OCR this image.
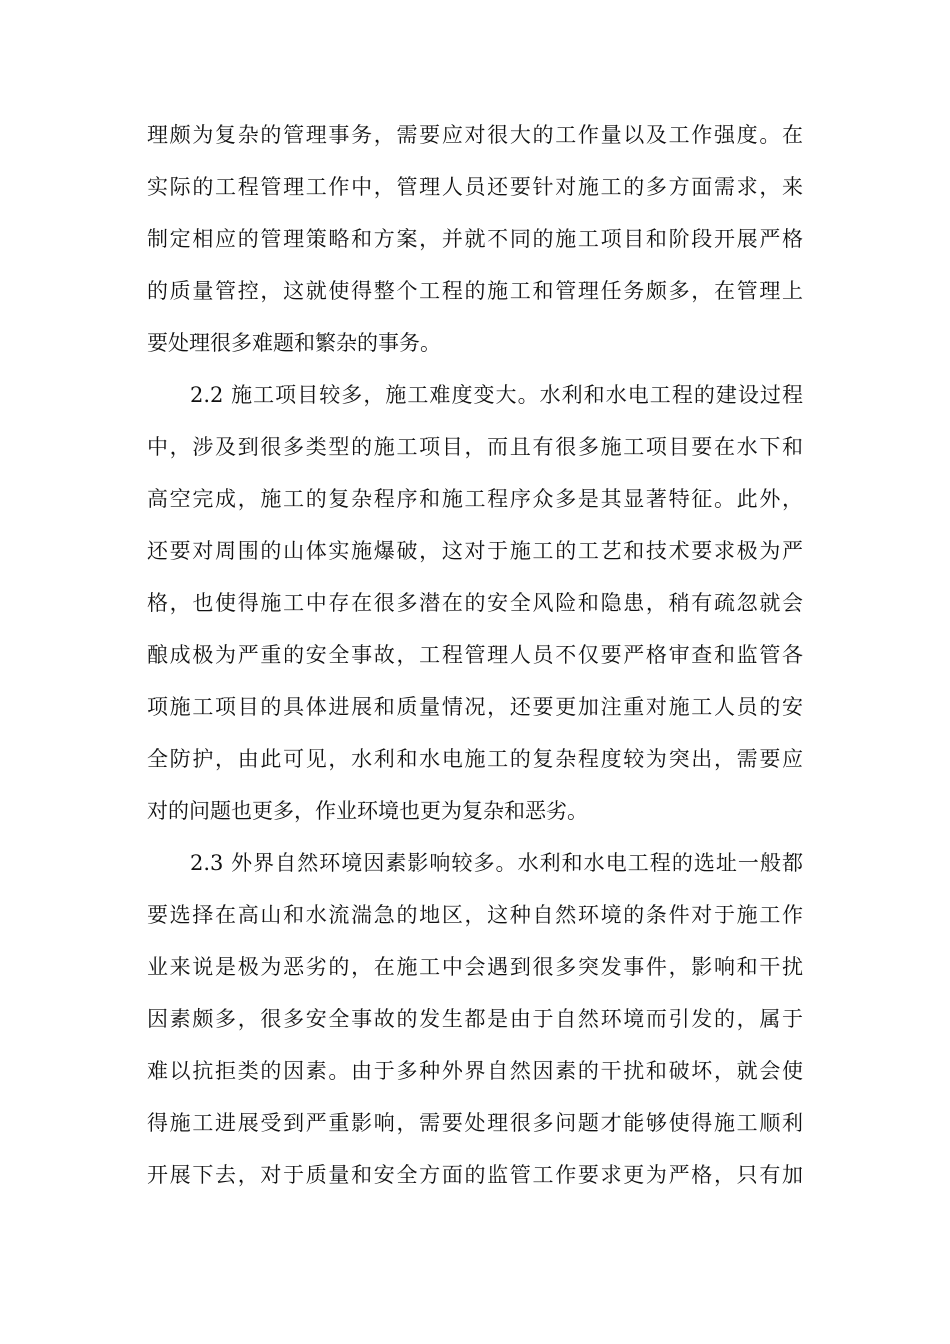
理颇为复杂的管理事务，需要应对很大的工作量以及工作强度。在
实际的工程管理工作中，管理人员还要针对施工的多方面需求，来
制定相应的管理策略和方案，并就不同的施工项目和阶段开展严格
的质量管控，这就使得整个工程的施工和管理任务颇多，在管理上
要处理很多难题和繁杂的事务。
2.2 施工项目较多，施工难度变大。水利和水电工程的建设过程
中，涉及到很多类型的施工项目，而且有很多施工项目要在水下和
高空完成，施工的复杂程序和施工程序众多是其显著特征。此外，
还要对周围的山体实施爆破，这对于施工的工艺和技术要求极为严
格，也使得施工中存在很多潜在的安全风险和隐患，稍有疏忽就会
酿成极为严重的安全事故，工程管理人员不仅要严格审查和监管各
项施工项目的具体进展和质量情况，还要更加注重对施工人员的安
全防护，由此可见，水利和水电施工的复杂程度较为突出，需要应
对的问题也更多，作业环境也更为复杂和恶劣。
2.3 外界自然环境因素影响较多。水利和水电工程的选址一般都
要选择在高山和水流湍急的地区，这种自然环境的条件对于施工作
业来说是极为恶劣的，在施工中会遇到很多突发事件，影响和干扰
因素颇多，很多安全事故的发生都是由于自然环境而引发的，属于
难以抗拒类的因素。由于多种外界自然因素的干扰和破坏，就会使
得施工进展受到严重影响，需要处理很多问题才能够使得施工顺利
开展下去，对于质量和安全方面的监管工作要求更为严格，只有加
